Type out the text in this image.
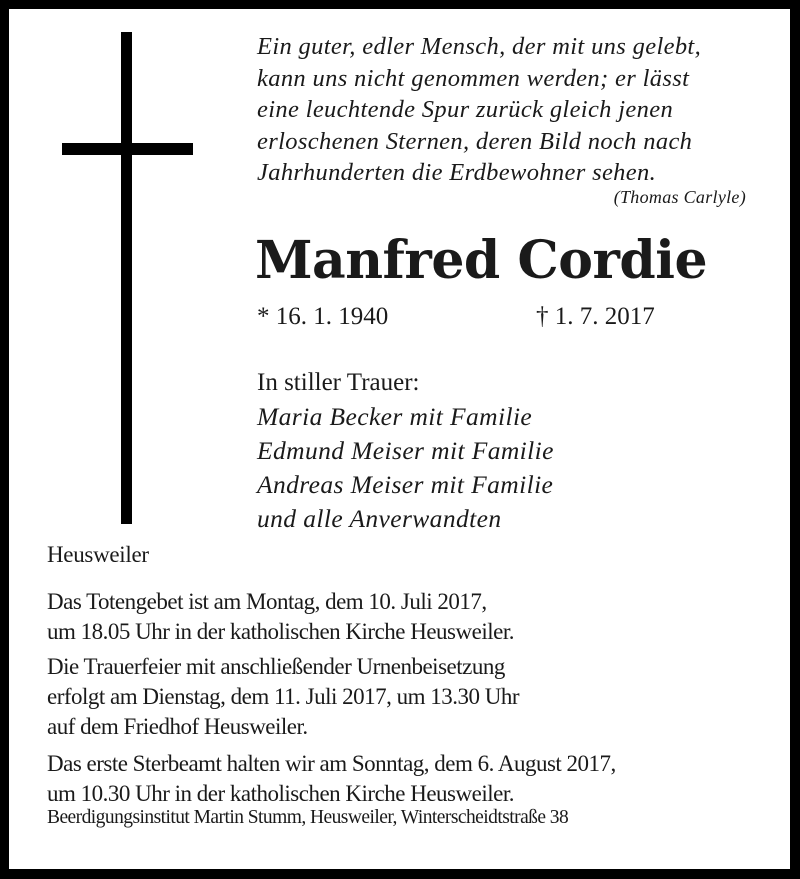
Ein guter, edler Mensch, der mit uns gelebt,
kann uns nicht genommen werden; er lässt
eine leuchtende Spur zurück gleich jenen
erloschenen Sternen, deren Bild noch nach
Jahrhunderten die Erdbewohner sehen.
(Thomas Carlyle)
Manfred Cordie
* 16. 1. 1940	† 1. 7. 2017
In stiller Trauer:
Maria Becker mit Familie
Edmund Meiser mit Familie
Andreas Meiser mit Familie
und alle Anverwandten
Heusweiler
Das Totengebet ist am Montag, dem 10. Juli 2017,
um 18.05 Uhr in der katholischen Kirche Heusweiler.
Die Trauerfeier mit anschließender Urnenbeisetzung
erfolgt am Dienstag, dem 11. Juli 2017, um 13.30 Uhr
auf dem Friedhof Heusweiler.
Das erste Sterbeamt halten wir am Sonntag, dem 6. August 2017,
um 10.30 Uhr in der katholischen Kirche Heusweiler.
Beerdigungsinstitut Martin Stumm, Heusweiler, Winterscheidtstraße 38
